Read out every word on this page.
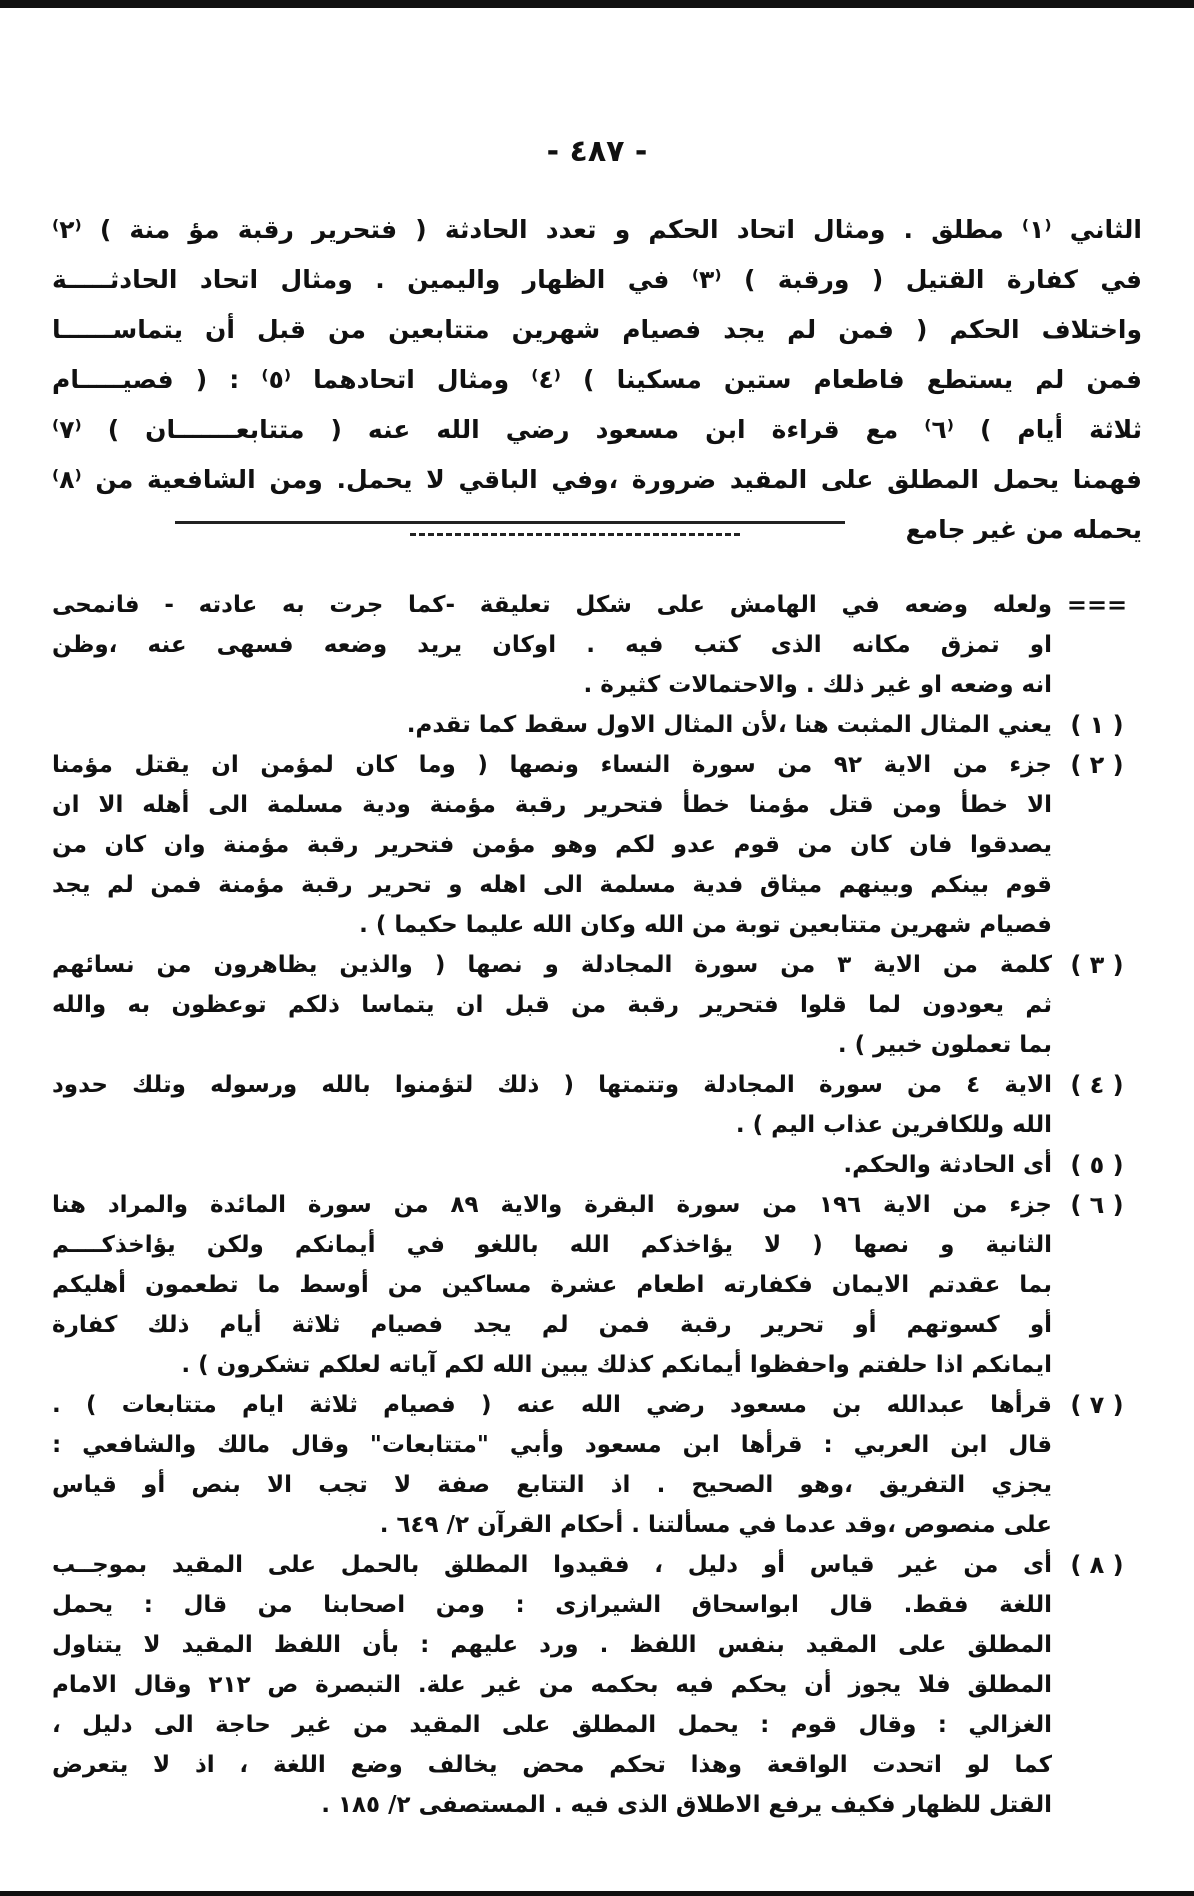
- ٤٨٧ -
الثاني ⁽١⁾ مطلق . ومثال اتحاد الحكم و تعدد الحادثة ( فتحرير رقبة مؤ منة ) ⁽٢⁾
في كفارة القتيل ( ورقبة ) ⁽٣⁾ في الظهار واليمين . ومثال اتحاد الحادثـــــة
واختلاف الحكم ( فمن لم يجد فصيام شهرين متتابعين من قبل أن يتماســــــا
فمن لم يستطع فاطعام ستين مسكينا ) ⁽٤⁾ ومثال اتحادهما ⁽٥⁾ : ( فصيـــــام
ثلاثة أيام ) ⁽٦⁾ مع قراءة ابن مسعود رضي الله عنه ( متتابعـــــــان ) ⁽٧⁾
فهمنا يحمل المطلق على المقيد ضرورة ،وفي الباقي لا يحمل. ومن الشافعية من ⁽٨⁾
يحمله من غير جامع
===
ولعله وضعه في الهامش على شكل تعليقة -كما جرت به عادته - فانمحى
او تمزق مكانه الذى كتب فيه . اوكان يريد وضعه فسهى عنه ،وظن
انه وضعه او غير ذلك . والاحتمالات كثيرة .
( ١ )
يعني المثال المثبت هنا ،لأن المثال الاول سقط كما تقدم.
( ٢ )
جزء من الاية ٩٢ من سورة النساء ونصها ( وما كان لمؤمن ان يقتل مؤمنا
الا خطأ ومن قتل مؤمنا خطأ فتحرير رقبة مؤمنة ودية مسلمة الى أهله الا ان
يصدقوا فان كان من قوم عدو لكم وهو مؤمن فتحرير رقبة مؤمنة وان كان من
قوم بينكم وبينهم ميثاق فدية مسلمة الى اهله و تحرير رقبة مؤمنة فمن لم يجد
فصيام شهرين متتابعين توبة من الله وكان الله عليما حكيما ) .
( ٣ )
كلمة من الاية ٣ من سورة المجادلة و نصها ( والذين يظاهرون من نسائهم
ثم يعودون لما قلوا فتحرير رقبة من قبل ان يتماسا ذلكم توعظون به والله
بما تعملون خبير ) .
( ٤ )
الاية ٤ من سورة المجادلة وتتمتها ( ذلك لتؤمنوا بالله ورسوله وتلك حدود
الله وللكافرين عذاب اليم ) .
( ٥ )
أى الحادثة والحكم.
( ٦ )
جزء من الاية ١٩٦ من سورة البقرة والاية ٨٩ من سورة المائدة والمراد هنا
الثانية و نصها ( لا يؤاخذكم الله باللغو في أيمانكم ولكن يؤاخذكــــم
بما عقدتم الايمان فكفارته اطعام عشرة مساكين من أوسط ما تطعمون أهليكم
أو كسوتهم أو تحرير رقبة فمن لم يجد فصيام ثلاثة أيام ذلك كفارة
ايمانكم اذا حلفتم واحفظوا أيمانكم كذلك يبين الله لكم آياته لعلكم تشكرون ) .
( ٧ )
قرأها عبدالله بن مسعود رضي الله عنه ( فصيام ثلاثة ايام متتابعات ) .
قال ابن العربي : قرأها ابن مسعود وأبي "متتابعات" وقال مالك والشافعي :
يجزي التفريق ،وهو الصحيح . اذ التتابع صفة لا تجب الا بنص أو قياس
على منصوص ،وقد عدما في مسألتنا . أحكام القرآن ٢/ ٦٤٩ .
( ٨ )
أى من غير قياس أو دليل ، فقيدوا المطلق بالحمل على المقيد بموجــب
اللغة فقط. قال ابواسحاق الشيرازى : ومن اصحابنا من قال : يحمل
المطلق على المقيد بنفس اللفظ . ورد عليهم : بأن اللفظ المقيد لا يتناول
المطلق فلا يجوز أن يحكم فيه بحكمه من غير علة. التبصرة ص ٢١٢ وقال الامام
الغزالي : وقال قوم : يحمل المطلق على المقيد من غير حاجة الى دليل ،
كما لو اتحدت الواقعة وهذا تحكم محض يخالف وضع اللغة ، اذ لا يتعرض
القتل للظهار فكيف يرفع الاطلاق الذى فيه . المستصفى ٢/ ١٨٥ .
